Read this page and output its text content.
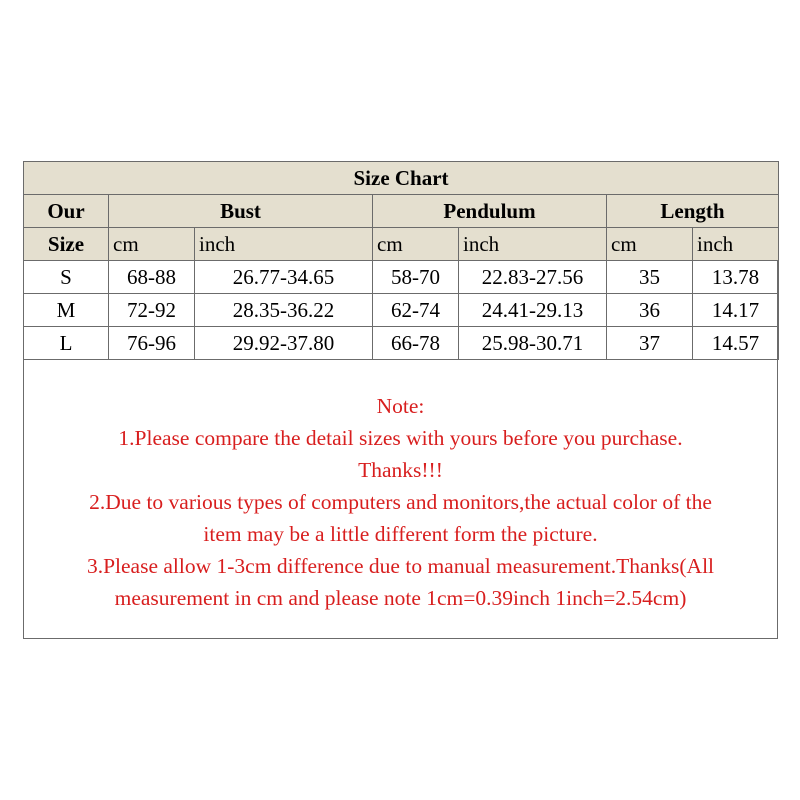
Size Chart						
Our	Bust		Pendulum		Length	
Size	cm	inch	cm	inch	cm	inch
S	68-88	26.77-34.65	58-70	22.83-27.56	35	13.78
M	72-92	28.35-36.22	62-74	24.41-29.13	36	14.17
L	76-96	29.92-37.80	66-78	25.98-30.71	37	14.57
Note:
1.Please compare the detail sizes with yours before you purchase.
Thanks!!!
2.Due to various types of computers and monitors,the actual color of the
item may be a little different form the picture.
3.Please allow 1-3cm difference due to manual measurement.Thanks(All
measurement in cm and please note 1cm=0.39inch 1inch=2.54cm)
